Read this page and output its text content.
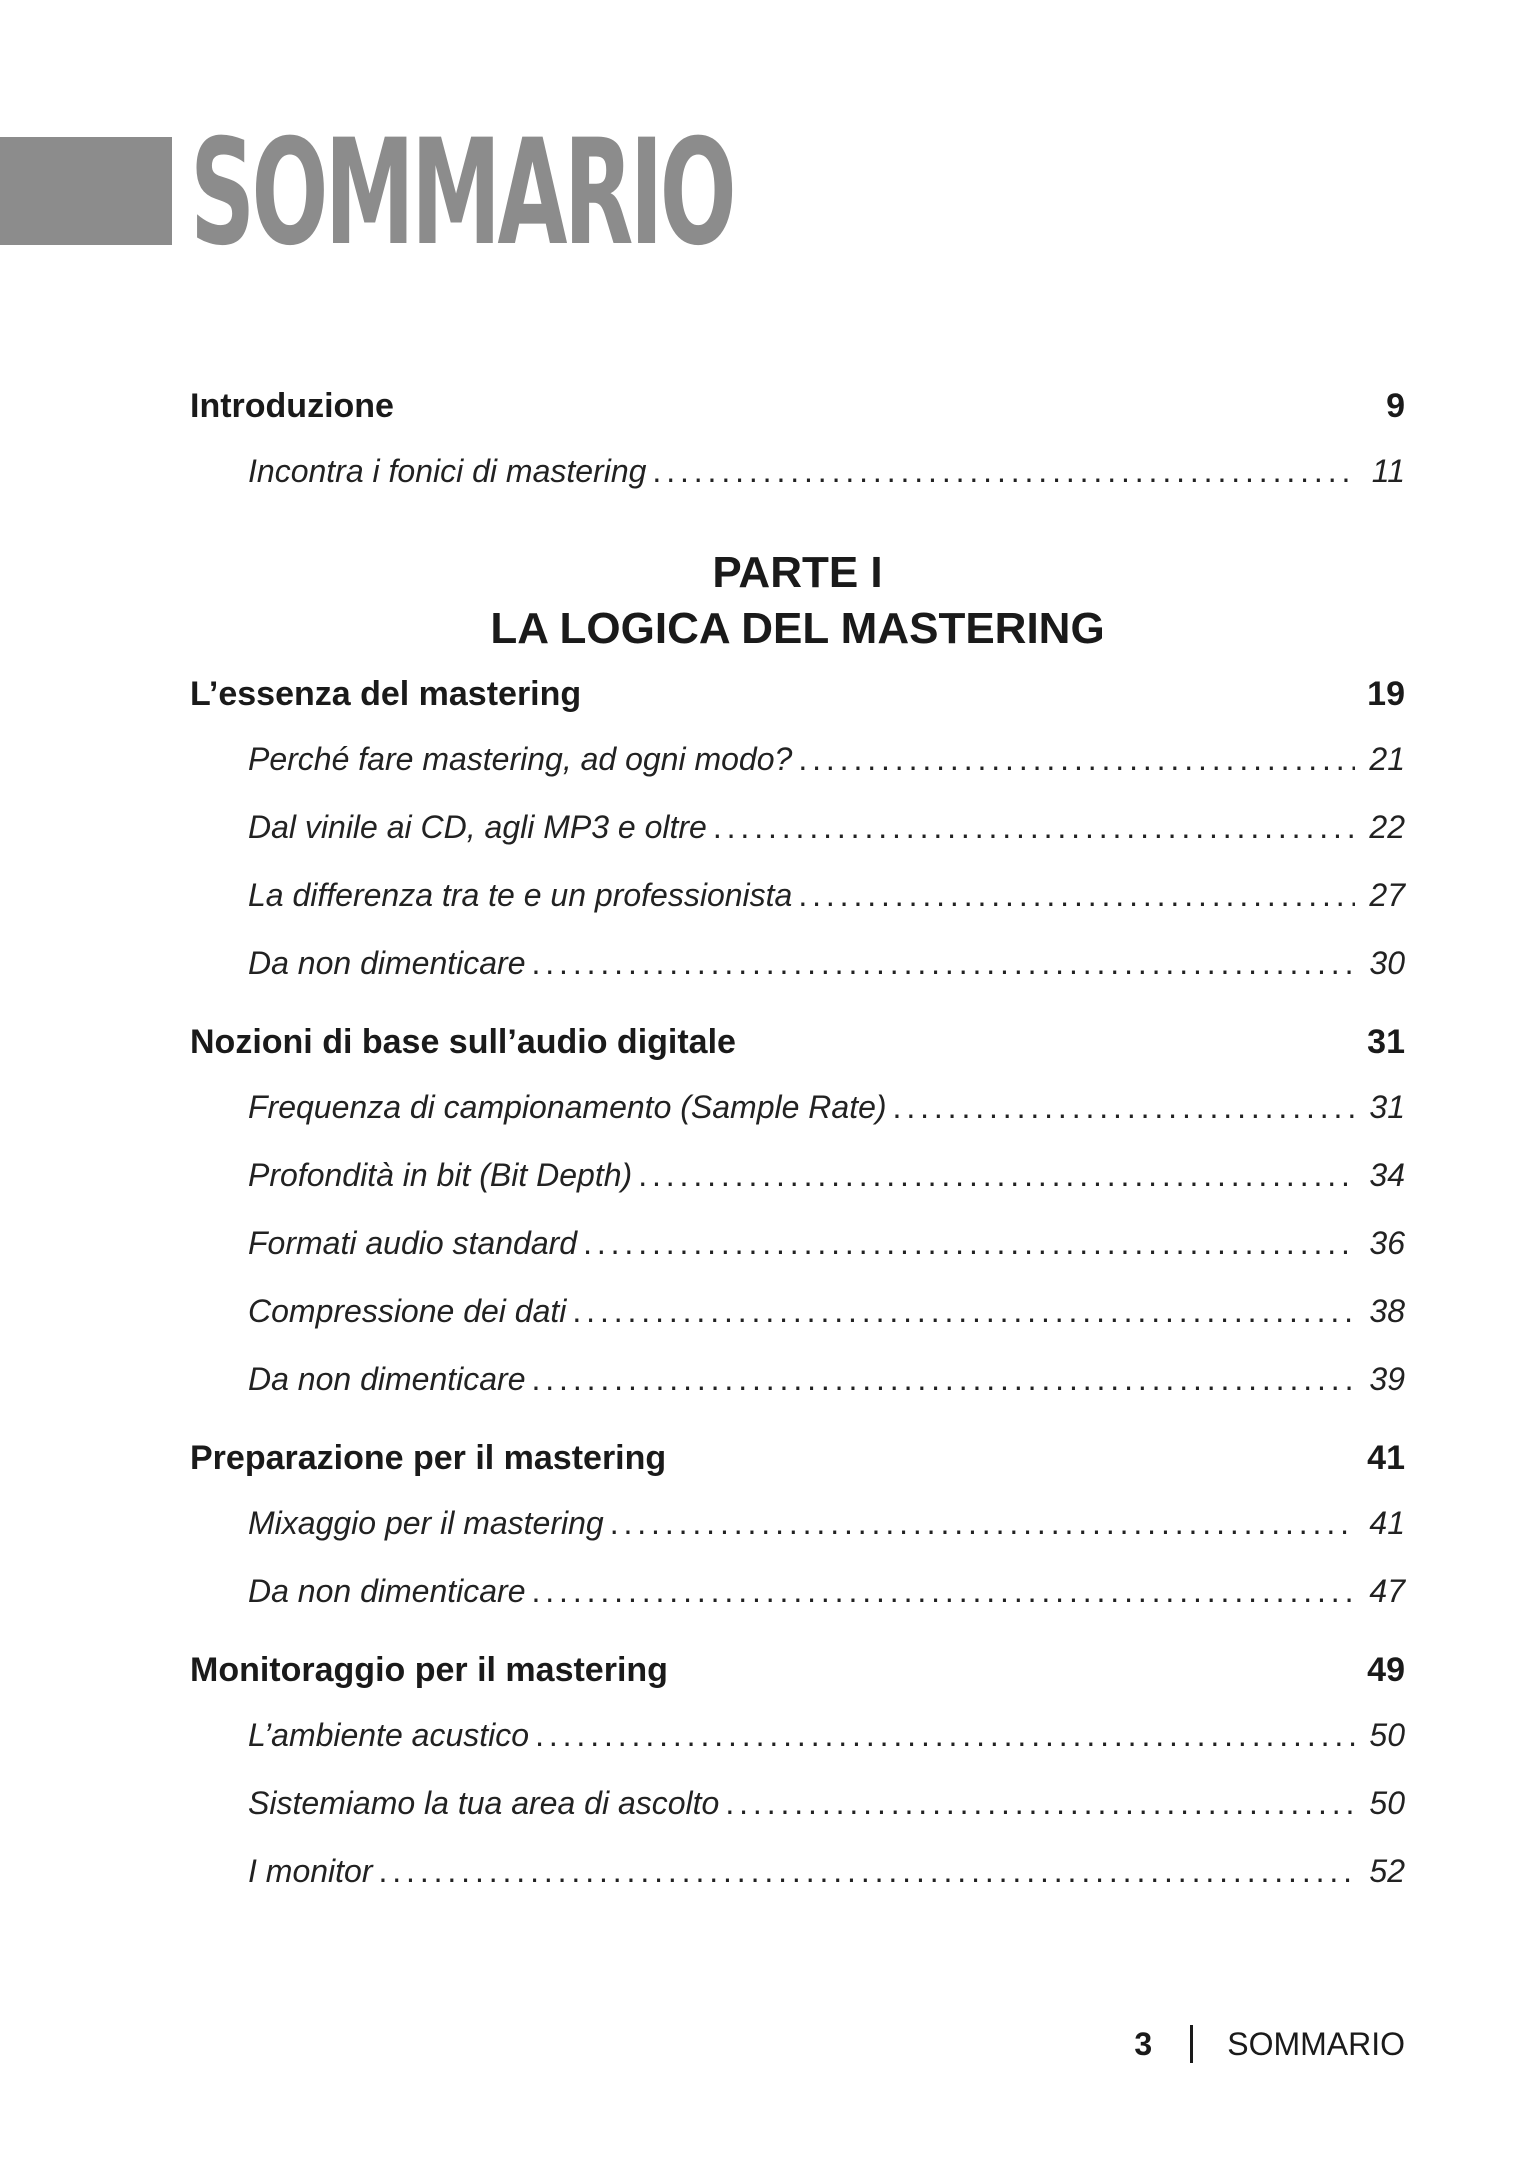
SOMMARIO
Introduzione	9
Incontra i fonici di mastering . . .	11
PARTE I
LA LOGICA DEL MASTERING
L’essenza del mastering	19
Perché fare mastering, ad ogni modo? . . .	21
Dal vinile ai CD, agli MP3 e oltre . . .	22
La differenza tra te e un professionista . . .	27
Da non dimenticare . . .	30
Nozioni di base sull’audio digitale	31
Frequenza di campionamento (Sample Rate) . . .	31
Profondità in bit (Bit Depth) . . .	34
Formati audio standard . . .	36
Compressione dei dati . . .	38
Da non dimenticare . . .	39
Preparazione per il mastering	41
Mixaggio per il mastering . . .	41
Da non dimenticare . . .	47
Monitoraggio per il mastering	49
L’ambiente acustico . . .	50
Sistemiamo la tua area di ascolto . . .	50
I monitor . . .	52
3 SOMMARIO
